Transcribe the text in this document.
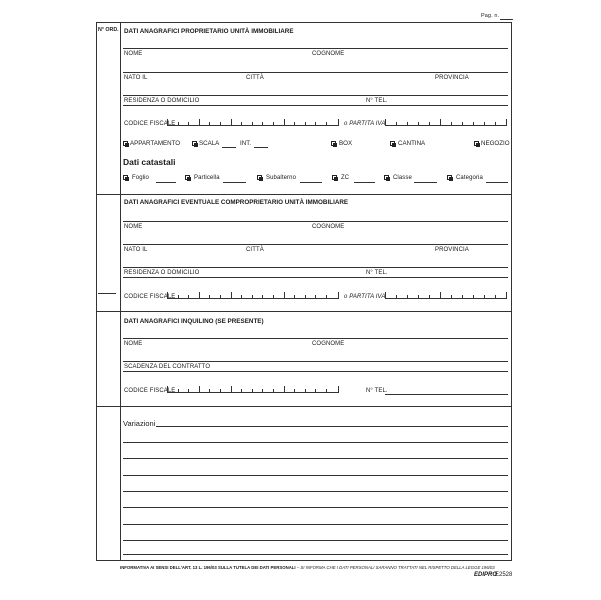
Pag. n.
N° ORD. DATI ANAGRAFICI PROPRIETARIO UNITÀ IMMOBILIARE
NOME	COGNOME
NATO IL	CITTÀ	PROVINCIA
RESIDENZA O DOMICILIO	N° TEL.
CODICE FISCALE	o PARTITA IVA
APPARTAMENTO	SCALA	INT.	BOX	CANTINA	NEGOZIO
Dati catastali
Foglio	Particella	Subalterno	ZC	Classe	Categoria
DATI ANAGRAFICI EVENTUALE COMPROPRIETARIO UNITÀ IMMOBILIARE
NOME	COGNOME
NATO IL	CITTÀ	PROVINCIA
RESIDENZA O DOMICILIO	N° TEL.
CODICE FISCALE	o PARTITA IVA
DATI ANAGRAFICI INQUILINO (SE PRESENTE)
NOME	COGNOME
SCADENZA DEL CONTRATTO
CODICE FISCALE	N° TEL.
Variazioni
INFORMATIVA AI SENSI DELL'ART. 13 L. 196/03 SULLA TUTELA DEI DATI PERSONALI – SI INFORMA CHE I DATI PERSONALI SARANNO TRATTATI NEL RISPETTO DELLA LEGGE 196/03
EDIPRO
E2528
